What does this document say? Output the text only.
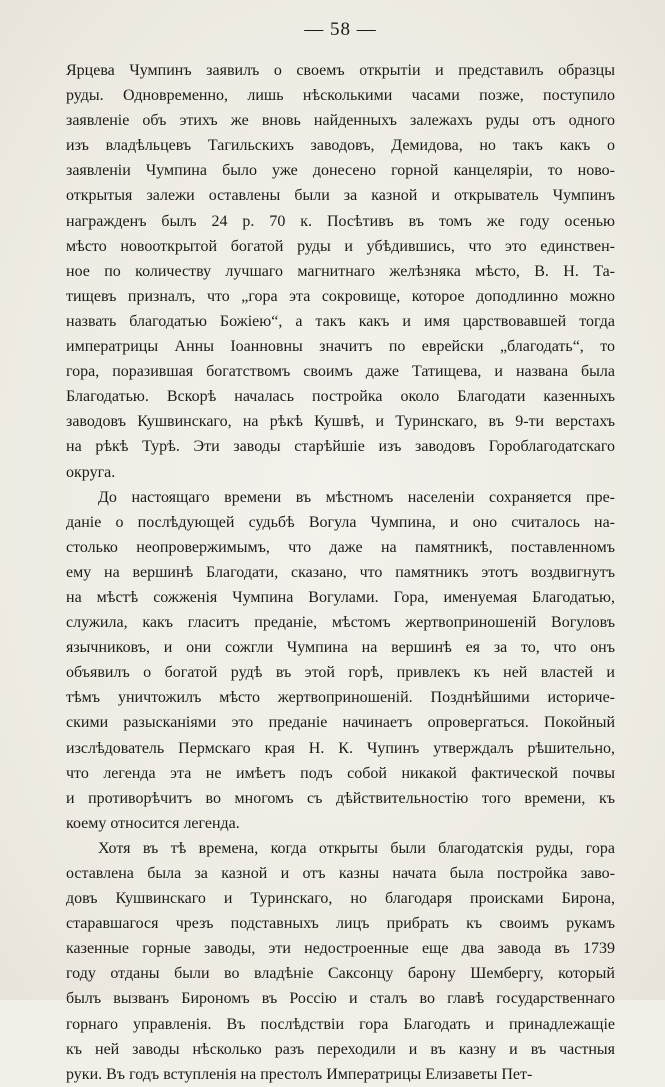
— 58 —

Ярцева Чумпинъ заявилъ о своемъ открытіи и представилъ образцы

руды. Одновременно, лишь нѣсколькими часами позже, поступило

заявленіе объ этихъ же вновь найденныхъ залежахъ руды отъ одного

изъ владѣльцевъ Тагильскихъ заводовъ, Демидова, но такъ какъ о

заявленіи Чумпина было уже донесено горной канцеляріи, то ново-

открытыя залежи оставлены были за казной и открыватель Чумпинъ

награжденъ былъ 24 р. 70 к. Посѣтивъ въ томъ же году осенью

мѣсто новооткрытой богатой руды и убѣдившись, что это единствен-

ное по количеству лучшаго магнитнаго желѣзняка мѣсто, В. Н. Та-

тищевъ призналъ, что „гора эта сокровище, которое доподлинно можно

назвать благодатью Божіею“, а такъ какъ и имя царствовавшей тогда

императрицы Анны Іоанновны значитъ по еврейски „благодать“, то

гора, поразившая богатствомъ своимъ даже Татищева, и названа была

Благодатью. Вскорѣ началась постройка около Благодати казенныхъ

заводовъ Кушвинскаго, на рѣкѣ Кушвѣ, и Туринскаго, въ 9-ти верстахъ

на рѣкѣ Турѣ. Эти заводы старѣйшіе изъ заводовъ Гороблагодатскаго

округа.

До настоящаго времени въ мѣстномъ населеніи сохраняется пре-

даніе о послѣдующей судьбѣ Вогула Чумпина, и оно считалось на-

столько неопровержимымъ, что даже на памятникѣ, поставленномъ

ему на вершинѣ Благодати, сказано, что памятникъ этотъ воздвигнутъ

на мѣстѣ сожженія Чумпина Вогулами. Гора, именуемая Благодатью,

служила, какъ гласитъ преданіе, мѣстомъ жертвоприношеній Вогуловъ

язычниковъ, и они сожгли Чумпина на вершинѣ ея за то, что онъ

объявилъ о богатой рудѣ въ этой горѣ, привлекъ къ ней властей и

тѣмъ уничтожилъ мѣсто жертвоприношеній. Позднѣйшими историче-

скими разысканіями это преданіе начинаетъ опровергаться. Покойный

изслѣдователь Пермскаго края Н. К. Чупинъ утверждалъ рѣшительно,

что легенда эта не имѣетъ подъ собой никакой фактической почвы

и противорѣчитъ во многомъ съ дѣйствительностію того времени, къ

коему относится легенда.

Хотя въ тѣ времена, когда открыты были благодатскія руды, гора

оставлена была за казной и отъ казны начата была постройка заво-

довъ Кушвинскаго и Туринскаго, но благодаря происками Бирона,

старавшагося чрезъ подставныхъ лицъ прибрать къ своимъ рукамъ

казенные горные заводы, эти недостроенные еще два завода въ 1739

году отданы были во владѣніе Саксонцу барону Шембергу, который

былъ вызванъ Бирономъ въ Россію и сталъ во главѣ государственнаго

горнаго управленія. Въ послѣдствіи гора Благодать и принадлежащіе

къ ней заводы нѣсколько разъ переходили и въ казну и въ частныя

руки. Въ годъ вступленія на престолъ Императрицы Елизаветы Пет-
